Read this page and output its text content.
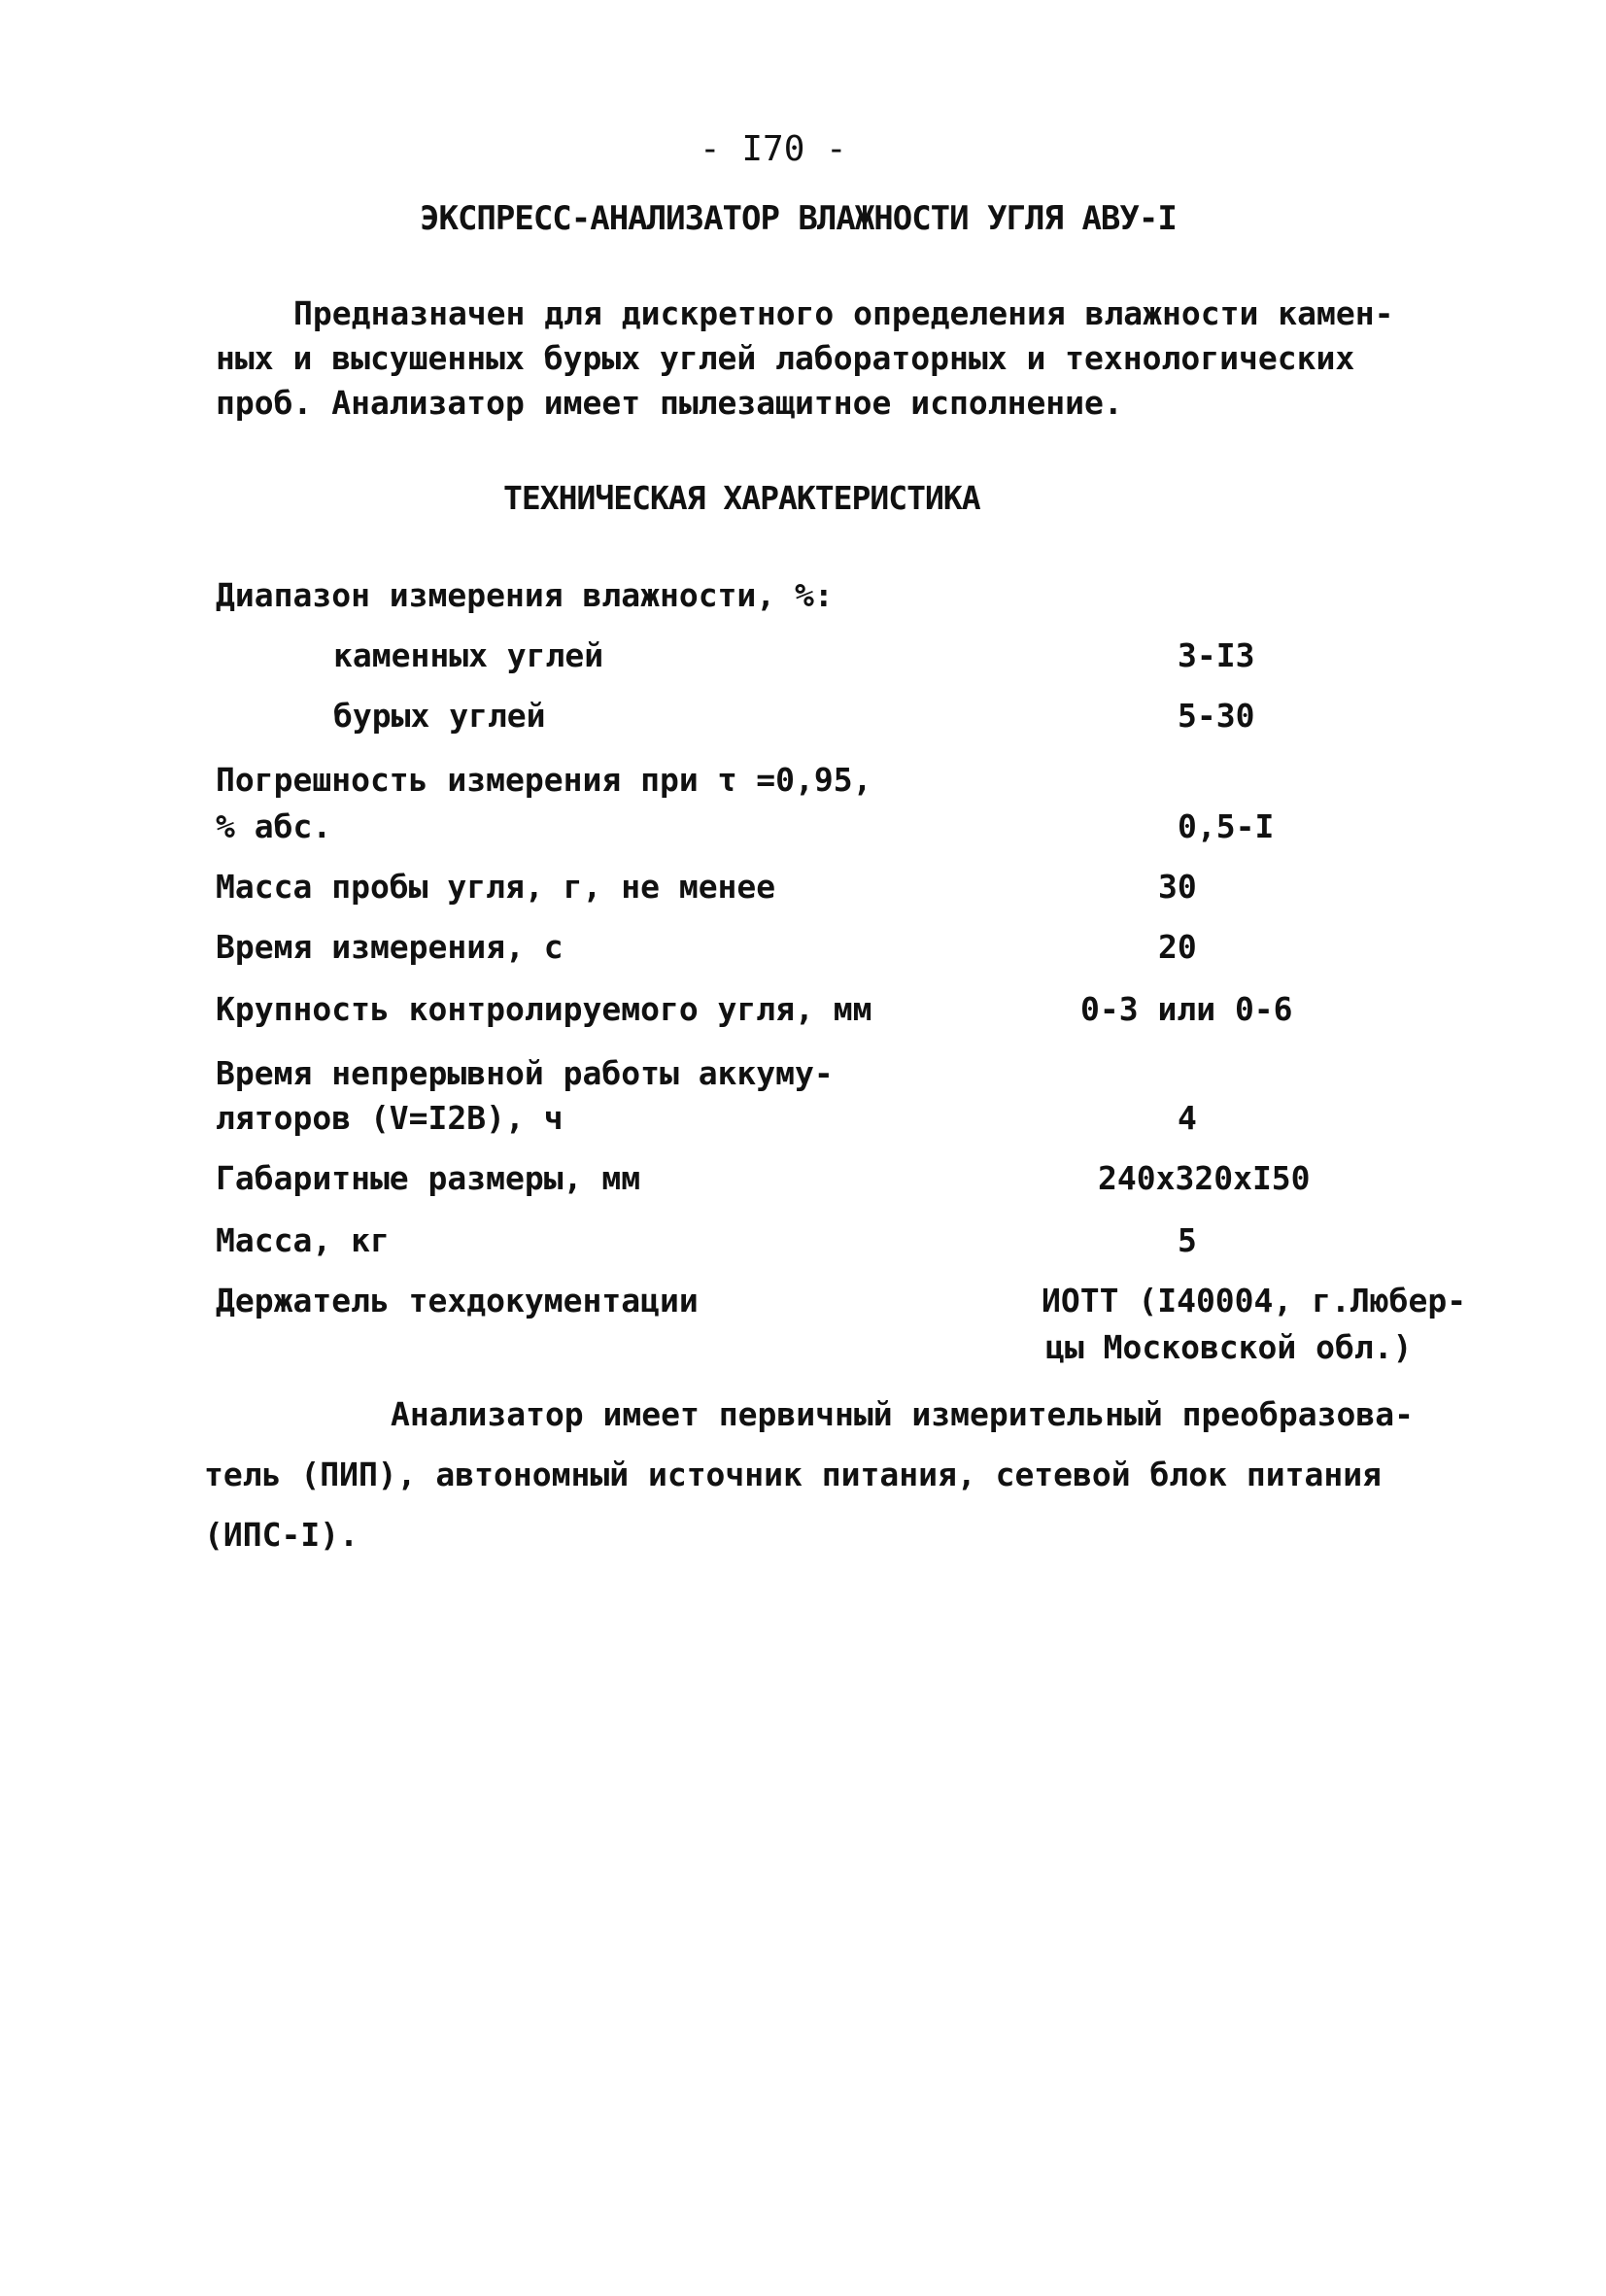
- I70 -
ЭКСПРЕСС-АНАЛИЗАТОР ВЛАЖНОСТИ УГЛЯ АВУ-I
Предназначен для дискретного определения влажности камен-
ных и высушенных бурых углей лабораторных и технологических
проб. Анализатор имеет пылезащитное исполнение.
ТЕХНИЧЕСКАЯ ХАРАКТЕРИСТИКА
Диапазон измерения влажности, %:
каменных углей	3-I3
бурых углей	5-30
Погрешность измерения при τ =0,95,
% абс.	0,5-I
Масса пробы угля, г, не менее	30
Время измерения, с	20
Крупность контролируемого угля, мм	0-3 или 0-6
Время непрерывной работы аккуму-
ляторов (V=I2В), ч	4
Габаритные размеры, мм	240x320xI50
Масса, кг	5
Держатель техдокументации	ИОТТ (I40004, г.Любер-
цы Московской обл.)
Анализатор имеет первичный измерительный преобразова-
тель (ПИП), автономный источник питания, сетевой блок питания
(ИПС-I).
